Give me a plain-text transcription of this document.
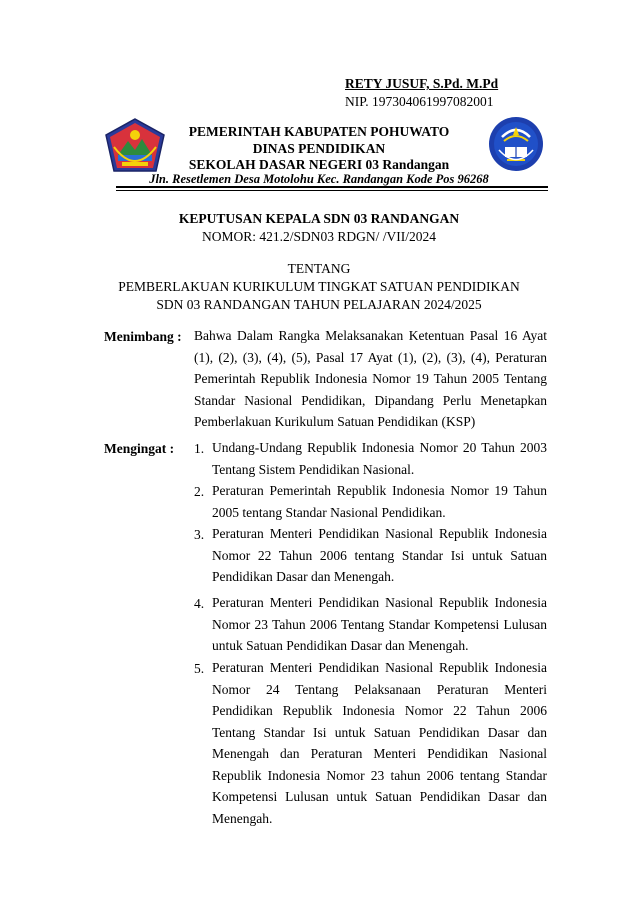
RETY JUSUF, S.Pd. M.Pd
NIP. 197304061997082001
PEMERINTAH KABUPATEN POHUWATO
DINAS PENDIDIKAN
SEKOLAH DASAR NEGERI 03 Randangan
Jln. Resetlemen Desa Motolohu Kec. Randangan Kode Pos 96268
KEPUTUSAN KEPALA SDN 03 RANDANGAN
NOMOR: 421.2/SDN03 RDGN/ /VII/2024
TENTANG
PEMBERLAKUAN KURIKULUM TINGKAT SATUAN PENDIDIKAN
SDN 03 RANDANGAN TAHUN PELAJARAN 2024/2025
Menimbang : Bahwa Dalam Rangka Melaksanakan Ketentuan Pasal 16 Ayat (1), (2), (3), (4), (5), Pasal 17 Ayat (1), (2), (3), (4), Peraturan Pemerintah Republik Indonesia Nomor 19 Tahun 2005 Tentang Standar Nasional Pendidikan, Dipandang Perlu Menetapkan Pemberlakuan Kurikulum Satuan Pendidikan (KSP)
Mengingat : 1. Undang-Undang Republik Indonesia Nomor 20 Tahun 2003 Tentang Sistem Pendidikan Nasional.
2. Peraturan Pemerintah Republik Indonesia Nomor 19 Tahun 2005 tentang Standar Nasional Pendidikan.
3. Peraturan Menteri Pendidikan Nasional Republik Indonesia Nomor 22 Tahun 2006 tentang Standar Isi untuk Satuan Pendidikan Dasar dan Menengah.
4. Peraturan Menteri Pendidikan Nasional Republik Indonesia Nomor 23 Tahun 2006 Tentang Standar Kompetensi Lulusan untuk Satuan Pendidikan Dasar dan Menengah.
5. Peraturan Menteri Pendidikan Nasional Republik Indonesia Nomor 24 Tentang Pelaksanaan Peraturan Menteri Pendidikan Republik Indonesia Nomor 22 Tahun 2006 Tentang Standar Isi untuk Satuan Pendidikan Dasar dan Menengah dan Peraturan Menteri Pendidikan Nasional Republik Indonesia Nomor 23 tahun 2006 tentang Standar Kompetensi Lulusan untuk Satuan Pendidikan Dasar dan Menengah.
